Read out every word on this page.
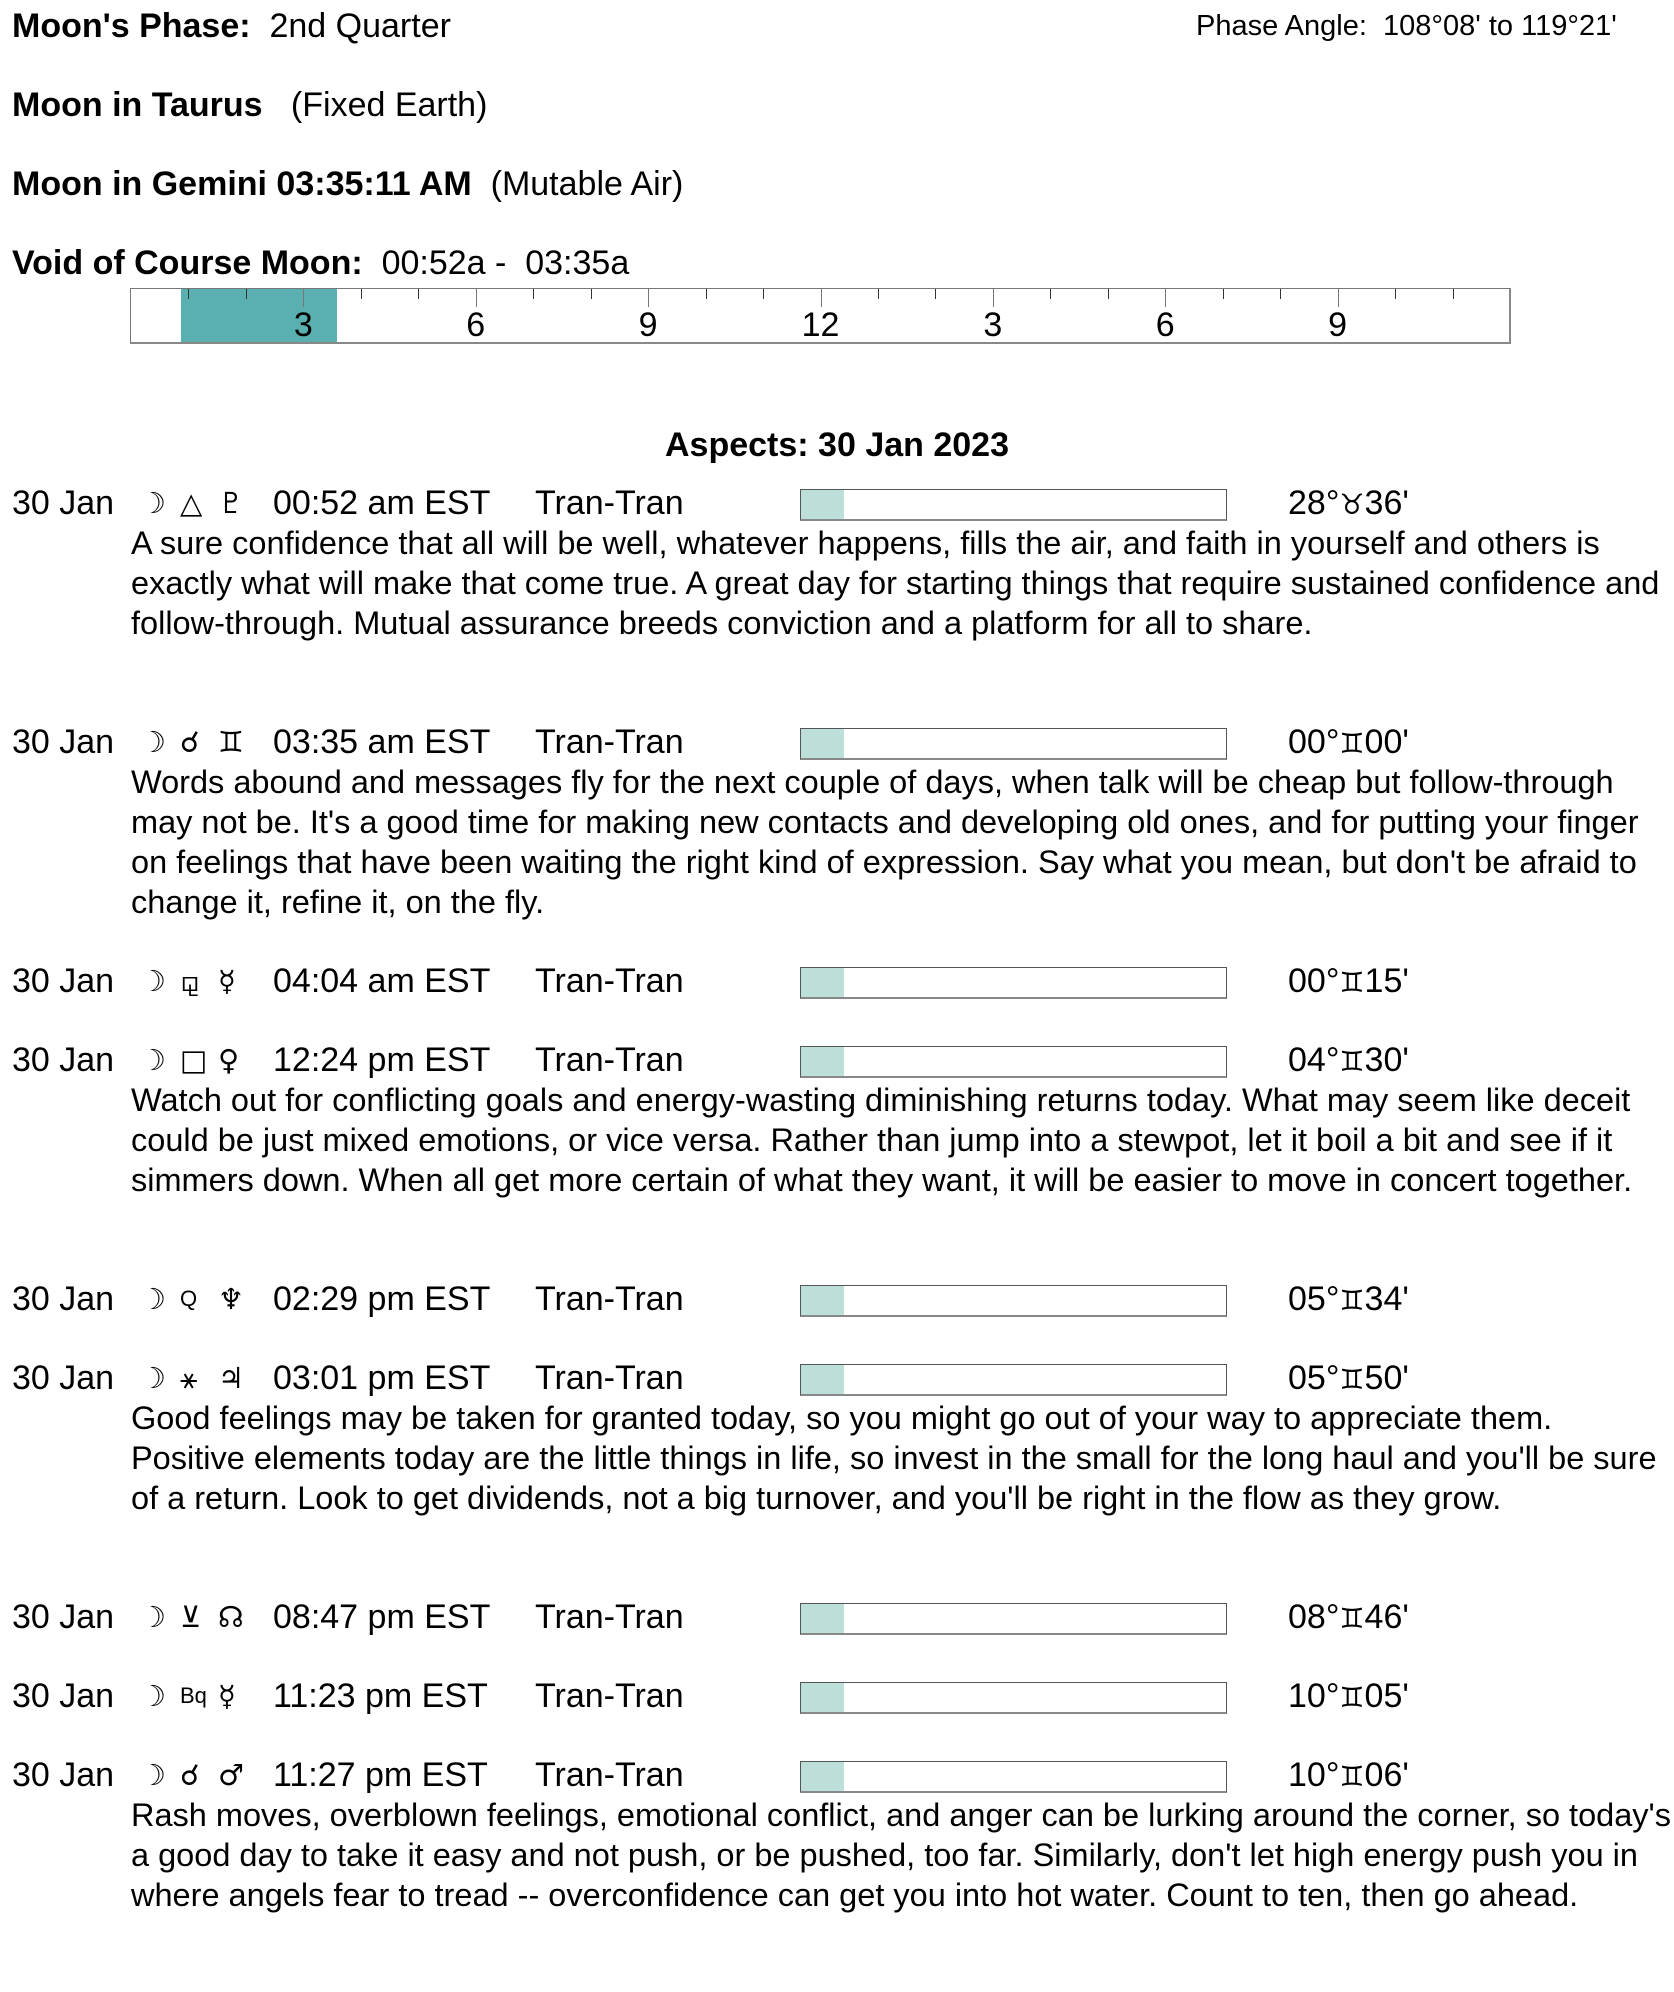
Moon's Phase: 2nd Quarter	Phase Angle: 108°08' to 119°21'
Moon in Taurus (Fixed Earth)
Moon in Gemini 03:35:11 AM (Mutable Air)
Void of Course Moon: 00:52a -  03:35a
3	6	9	12	3	6	9
Aspects: 30 Jan 2023
30 Jan ☽ △ ♇ 00:52 am EST Tran-Tran	28°♉36'
A sure confidence that all will be well, whatever happens, fills the air, and faith in yourself and others is exactly what will make that come true. A great day for starting things that require sustained confidence and follow-through. Mutual assurance breeds conviction and a platform for all to share.
30 Jan ☽ ☌ ♊ 03:35 am EST Tran-Tran	00°♊00'
Words abound and messages fly for the next couple of days, when talk will be cheap but follow-through may not be. It's a good time for making new contacts and developing old ones, and for putting your finger on feelings that have been waiting the right kind of expression. Say what you mean, but don't be afraid to change it, refine it, on the fly.
30 Jan ☽ ⚼ ☿ 04:04 am EST Tran-Tran	00°♊15'
30 Jan ☽ □ ♀ 12:24 pm EST Tran-Tran	04°♊30'
Watch out for conflicting goals and energy-wasting diminishing returns today. What may seem like deceit could be just mixed emotions, or vice versa. Rather than jump into a stewpot, let it boil a bit and see if it simmers down. When all get more certain of what they want, it will be easier to move in concert together.
30 Jan ☽ Q ♆ 02:29 pm EST Tran-Tran	05°♊34'
30 Jan ☽ ⚹ ♃ 03:01 pm EST Tran-Tran	05°♊50'
Good feelings may be taken for granted today, so you might go out of your way to appreciate them. Positive elements today are the little things in life, so invest in the small for the long haul and you'll be sure of a return. Look to get dividends, not a big turnover, and you'll be right in the flow as they grow.
30 Jan ☽ ⊻ ☊ 08:47 pm EST Tran-Tran	08°♊46'
30 Jan ☽ Bq ☿ 11:23 pm EST Tran-Tran	10°♊05'
30 Jan ☽ ☌ ♂ 11:27 pm EST Tran-Tran	10°♊06'
Rash moves, overblown feelings, emotional conflict, and anger can be lurking around the corner, so today's a good day to take it easy and not push, or be pushed, too far. Similarly, don't let high energy push you in where angels fear to tread -- overconfidence can get you into hot water. Count to ten, then go ahead.
